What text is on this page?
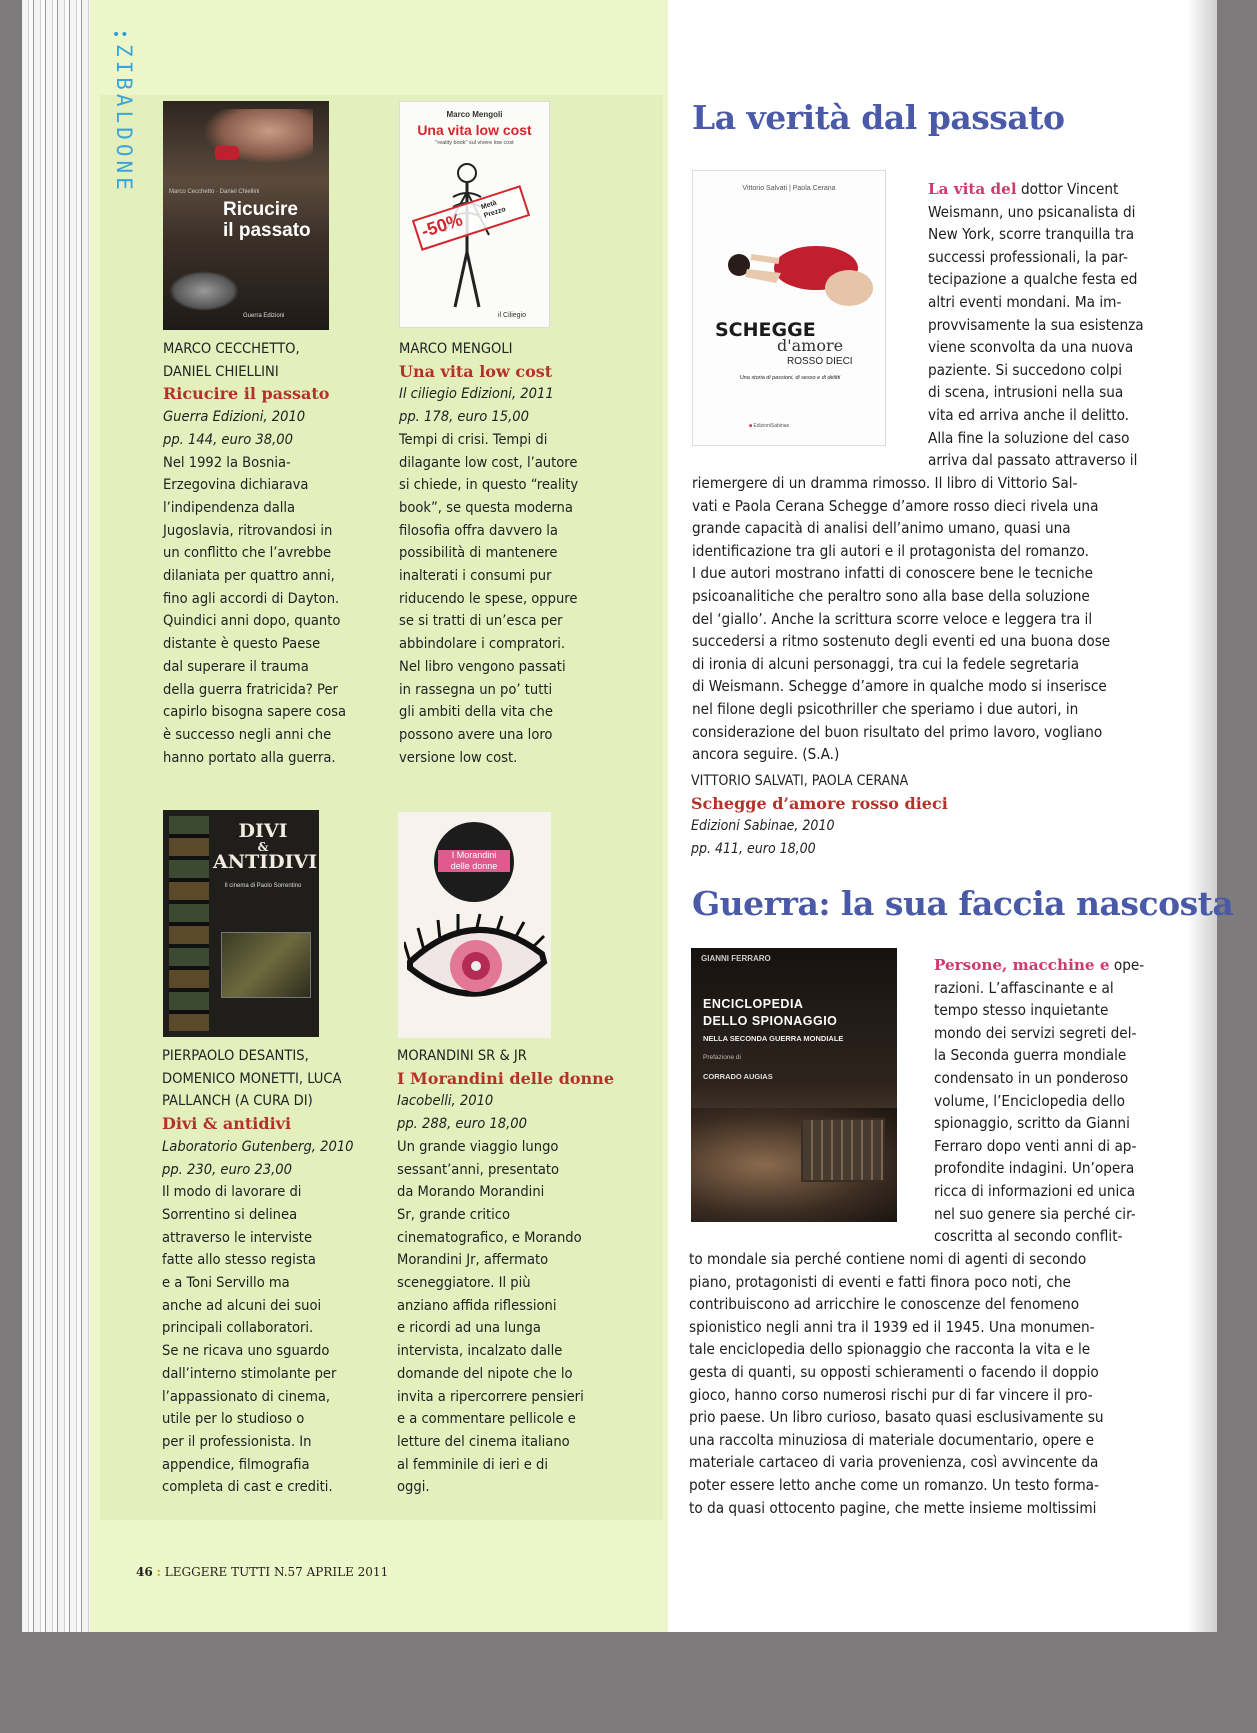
••
ZIBALDONE	Marco Cecchetto · Daniel Chiellini
Ricucire
il passato
Guerra Edizioni
Marco Mengoli
Una vita low cost
"reality book" sul vivere low cost
-50%
Metà Prezzo
il Ciliegio
DIVI
&
ANTIDIVI
Il cinema di Paolo Sorrentino
I Morandini
delle donne
MARCO CECCHETTO,
DANIEL CHIELLINI
Ricucire il passato
Guerra Edizioni, 2010
pp. 144, euro 38,00
Nel 1992 la Bosnia-
Erzegovina dichiarava
l’indipendenza dalla
Jugoslavia, ritrovandosi in
un conflitto che l’avrebbe
dilaniata per quattro anni,
fino agli accordi di Dayton.
Quindici anni dopo, quanto
distante è questo Paese
dal superare il trauma
della guerra fratricida? Per
capirlo bisogna sapere cosa
è successo negli anni che
hanno portato alla guerra.
MARCO MENGOLI
Una vita low cost
Il ciliegio Edizioni, 2011
pp. 178, euro 15,00
Tempi di crisi. Tempi di
dilagante low cost, l’autore
si chiede, in questo “reality
book”, se questa moderna
filosofia offra davvero la
possibilità di mantenere
inalterati i consumi pur
riducendo le spese, oppure
se si tratti di un’esca per
abbindolare i compratori.
Nel libro vengono passati
in rassegna un po’ tutti
gli ambiti della vita che
possono avere una loro
versione low cost.
PIERPAOLO DESANTIS,
DOMENICO MONETTI, LUCA
PALLANCH (A CURA DI)
Divi & antidivi
Laboratorio Gutenberg, 2010
pp. 230, euro 23,00
Il modo di lavorare di
Sorrentino si delinea
attraverso le interviste
fatte allo stesso regista
e a Toni Servillo ma
anche ad alcuni dei suoi
principali collaboratori.
Se ne ricava uno sguardo
dall’interno stimolante per
l’appassionato di cinema,
utile per lo studioso o
per il professionista. In
appendice, filmografia
completa di cast e crediti.
MORANDINI SR & JR
I Morandini delle donne
Iacobelli, 2010
pp. 288, euro 18,00
Un grande viaggio lungo
sessant’anni, presentato
da Morando Morandini
Sr, grande critico
cinematografico, e Morando
Morandini Jr, affermato
sceneggiatore. Il più
anziano affida riflessioni
e ricordi ad una lunga
intervista, incalzato dalle
domande del nipote che lo
invita a ripercorrere pensieri
e a commentare pellicole e
letture del cinema italiano
al femminile di ieri e di
oggi.
46 : LEGGERE TUTTI N.57 APRILE 2011
La verità dal passato
Vittorio Salvati | Paola Cerana
SCHEGGE
d'amore
ROSSO DIECI
Una storia di passioni, di sesso e di delitti
■ EdizioniSabinae
La vita del dottor Vincent
Weismann, uno psicanalista di
New York, scorre tranquilla tra
successi professionali, la par-
tecipazione a qualche festa ed
altri eventi mondani. Ma im-
provvisamente la sua esistenza
viene sconvolta da una nuova
paziente. Si succedono colpi
di scena, intrusioni nella sua
vita ed arriva anche il delitto.
Alla fine la soluzione del caso
arriva dal passato attraverso il
riemergere di un dramma rimosso. Il libro di Vittorio Sal-
vati e Paola Cerana Schegge d’amore rosso dieci rivela una
grande capacità di analisi dell’animo umano, quasi una
identificazione tra gli autori e il protagonista del romanzo.
I due autori mostrano infatti di conoscere bene le tecniche
psicoanalitiche che peraltro sono alla base della soluzione
del ‘giallo’. Anche la scrittura scorre veloce e leggera tra il
succedersi a ritmo sostenuto degli eventi ed una buona dose
di ironia di alcuni personaggi, tra cui la fedele segretaria
di Weismann. Schegge d’amore in qualche modo si inserisce
nel filone degli psicothriller che speriamo i due autori, in
considerazione del buon risultato del primo lavoro, vogliano
ancora seguire. (S.A.)
VITTORIO SALVATI, PAOLA CERANA
Schegge d’amore rosso dieci
Edizioni Sabinae, 2010
pp. 411, euro 18,00
Guerra: la sua faccia nascosta
GIANNI FERRARO
ENCICLOPEDIA
DELLO SPIONAGGIO
NELLA SECONDA GUERRA MONDIALE
Prefazione di
CORRADO AUGIAS
Persone, macchine e ope-
razioni. L’affascinante e al
tempo stesso inquietante
mondo dei servizi segreti del-
la Seconda guerra mondiale
condensato in un ponderoso
volume, l’Enciclopedia dello
spionaggio, scritto da Gianni
Ferraro dopo venti anni di ap-
profondite indagini. Un’opera
ricca di informazioni ed unica
nel suo genere sia perché cir-
coscritta al secondo conflit-
to mondale sia perché contiene nomi di agenti di secondo
piano, protagonisti di eventi e fatti finora poco noti, che
contribuiscono ad arricchire le conoscenze del fenomeno
spionistico negli anni tra il 1939 ed il 1945. Una monumen-
tale enciclopedia dello spionaggio che racconta la vita e le
gesta di quanti, su opposti schieramenti o facendo il doppio
gioco, hanno corso numerosi rischi pur di far vincere il pro-
prio paese. Un libro curioso, basato quasi esclusivamente su
una raccolta minuziosa di materiale documentario, opere e
materiale cartaceo di varia provenienza, così avvincente da
poter essere letto anche come un romanzo. Un testo forma-
to da quasi ottocento pagine, che mette insieme moltissimi
